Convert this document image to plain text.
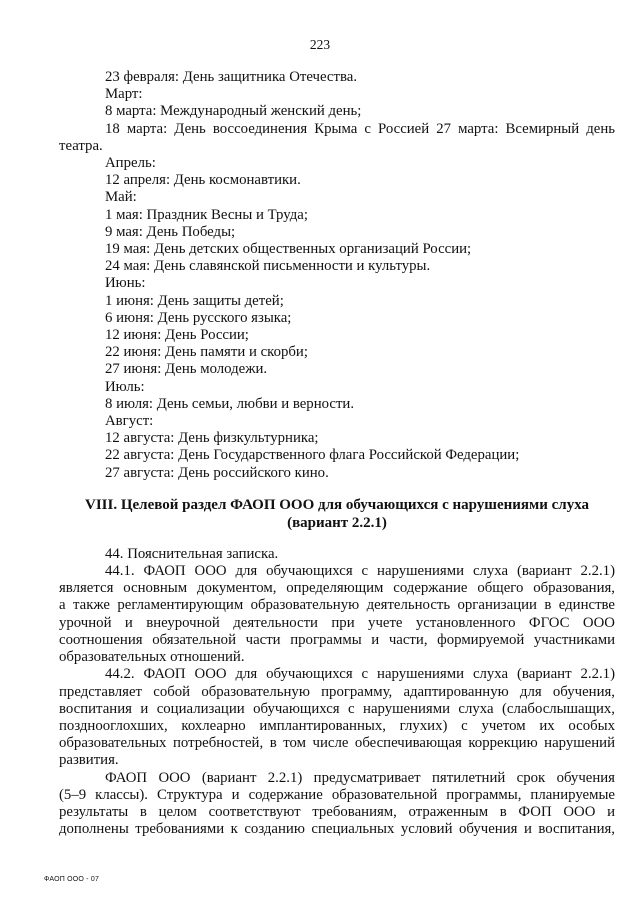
223
23 февраля: День защитника Отечества.
Март:
8 марта: Международный женский день;
18 марта: День воссоединения Крыма с Россией 27 марта: Всемирный день
театра.
Апрель:
12 апреля: День космонавтики.
Май:
1 мая: Праздник Весны и Труда;
9 мая: День Победы;
19 мая: День детских общественных организаций России;
24 мая: День славянской письменности и культуры.
Июнь:
1 июня: День защиты детей;
6 июня: День русского языка;
12 июня: День России;
22 июня: День памяти и скорби;
27 июня: День молодежи.
Июль:
8 июля: День семьи, любви и верности.
Август:
12 августа: День физкультурника;
22 августа: День Государственного флага Российской Федерации;
27 августа: День российского кино.
VIII. Целевой раздел ФАОП ООО для обучающихся с нарушениями слуха
(вариант 2.2.1)
44. Пояснительная записка.
44.1. ФАОП ООО для обучающихся с нарушениями слуха (вариант 2.2.1)
является основным документом, определяющим содержание общего образования,
а также регламентирующим образовательную деятельность организации в единстве
урочной и внеурочной деятельности при учете установленного ФГОС ООО
соотношения обязательной части программы и части, формируемой участниками
образовательных отношений.
44.2. ФАОП ООО для обучающихся с нарушениями слуха (вариант 2.2.1)
представляет собой образовательную программу, адаптированную для обучения,
воспитания и социализации обучающихся с нарушениями слуха (слабослышащих,
позднооглохших, кохлеарно имплантированных, глухих) с учетом их особых
образовательных потребностей, в том числе обеспечивающая коррекцию нарушений
развития.
ФАОП ООО (вариант 2.2.1) предусматривает пятилетний срок обучения
(5–9 классы). Структура и содержание образовательной программы, планируемые
результаты в целом соответствуют требованиям, отраженным в ФОП ООО и
дополнены требованиями к созданию специальных условий обучения и воспитания,
ФАОП ООО - 07
